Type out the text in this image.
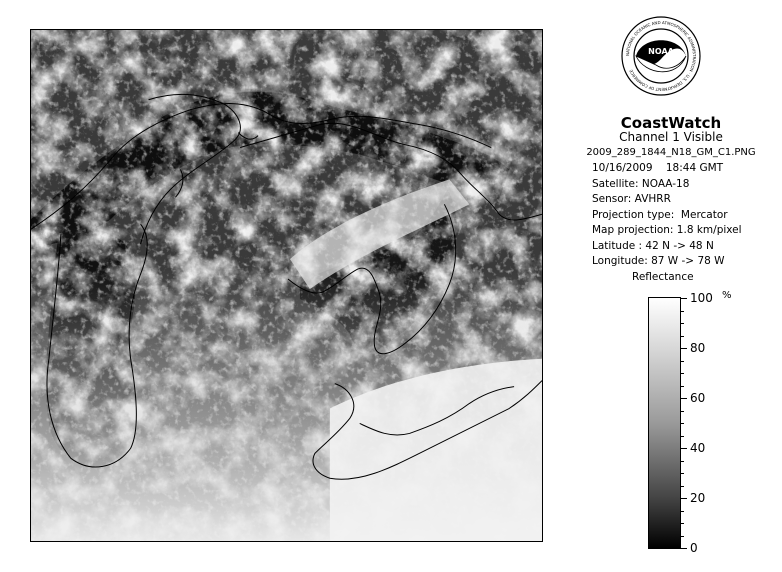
NOAA
NATIONAL OCEANIC AND ATMOSPHERIC ADMINISTRATION · U.S. DEPARTMENT OF COMMERCE
CoastWatch
Channel 1 Visible
2009_289_1844_N18_GM_C1.PNG
10/16/2009    18:44 GMT
Satellite: NOAA-18
Sensor: AVHRR
Projection type:  Mercator
Map projection: 1.8 km/pixel
Latitude : 42 N -> 48 N
Longitude: 87 W -> 78 W
Reflectance
%
100
80
60
40
20
0
